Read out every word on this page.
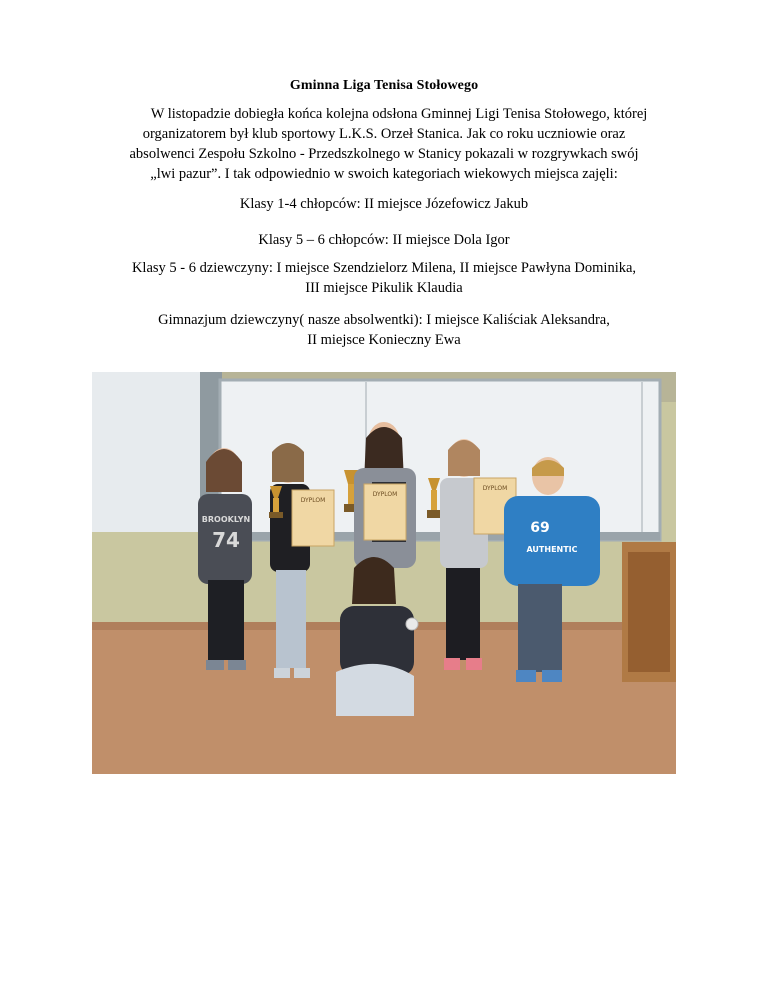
Gminna Liga Tenisa Stołowego
W listopadzie dobiegła końca kolejna odsłona Gminnej Ligi Tenisa Stołowego, której
organizatorem był klub sportowy L.K.S. Orzeł Stanica. Jak co roku uczniowie oraz
absolwenci Zespołu Szkolno - Przedszkolnego w Stanicy pokazali w rozgrywkach swój
„lwi pazur”. I tak odpowiednio w swoich kategoriach wiekowych miejsca zajęli:
Klasy 1-4 chłopców: II miejsce Józefowicz Jakub
Klasy 5 – 6 chłopców: II miejsce Dola Igor
Klasy 5 - 6 dziewczyny: I miejsce Szendzielorz Milena, II miejsce Pawłyna Dominika,
III miejsce Pikulik Klaudia
Gimnazjum dziewczyny( nasze absolwentki): I miejsce Kaliściak Aleksandra,
II miejsce Konieczny Ewa
DYPLOM
DYPLOM
DYPLOM
BROOKLYN
74	69
AUTHENTIC
